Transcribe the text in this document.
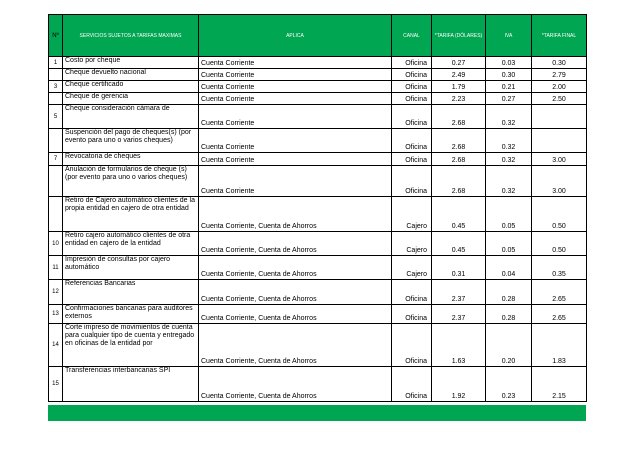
Nº	SERVICIOS SUJETOS A TARIFAS MAXIMAS	APLICA	CANAL	*TARIFA (DÓLARES)	IVA	*TARIFA FINAL
1	Costo por cheque	Cuenta Corriente	Oficina	0.27	0.03	0.30
	Cheque devuelto nacional	Cuenta Corriente	Oficina	2.49	0.30	2.79
3	Cheque certificado	Cuenta Corriente	Oficina	1.79	0.21	2.00
	Cheque de gerencia	Cuenta Corriente	Oficina	2.23	0.27	2.50
5	Cheque consideración cámara de	Cuenta Corriente	Oficina	2.68	0.32	
	Suspención del pago de cheques(s) (por evento para uno o varios cheques)	Cuenta Corriente	Oficina	2.68	0.32	
7	Revocatoria de cheques	Cuenta Corriente	Oficina	2.68	0.32	3.00
	Anulación de formularios de cheque (s) (por evento para uno o varios cheques)	Cuenta Corriente	Oficina	2.68	0.32	3.00
	Retiro de Cajero automático clientes de la propia entidad en cajero de otra entidad	Cuenta Corriente, Cuenta de Ahorros	Cajero	0.45	0.05	0.50
10	Retiro cajero automático clientes de otra entidad en cajero de la entidad	Cuenta Corriente, Cuenta de Ahorros	Cajero	0.45	0.05	0.50
11	Impresión de consultas por cajero automático	Cuenta Corriente, Cuenta de Ahorros	Cajero	0.31	0.04	0.35
12	Referencias Bancarias	Cuenta Corriente, Cuenta de Ahorros	Oficina	2.37	0.28	2.65
13	Confirmaciones bancarias para auditores externos	Cuenta Corriente, Cuenta de Ahorros	Oficina	2.37	0.28	2.65
14	Corte impreso de movimientos de cuenta para cualquier tipo de cuenta y entregado en oficinas de la entidad por	Cuenta Corriente, Cuenta de Ahorros	Oficina	1.63	0.20	1.83
15	Transferencias interbancarias SPI	Cuenta Corriente, Cuenta de Ahorros	Oficina	1.92	0.23	2.15
